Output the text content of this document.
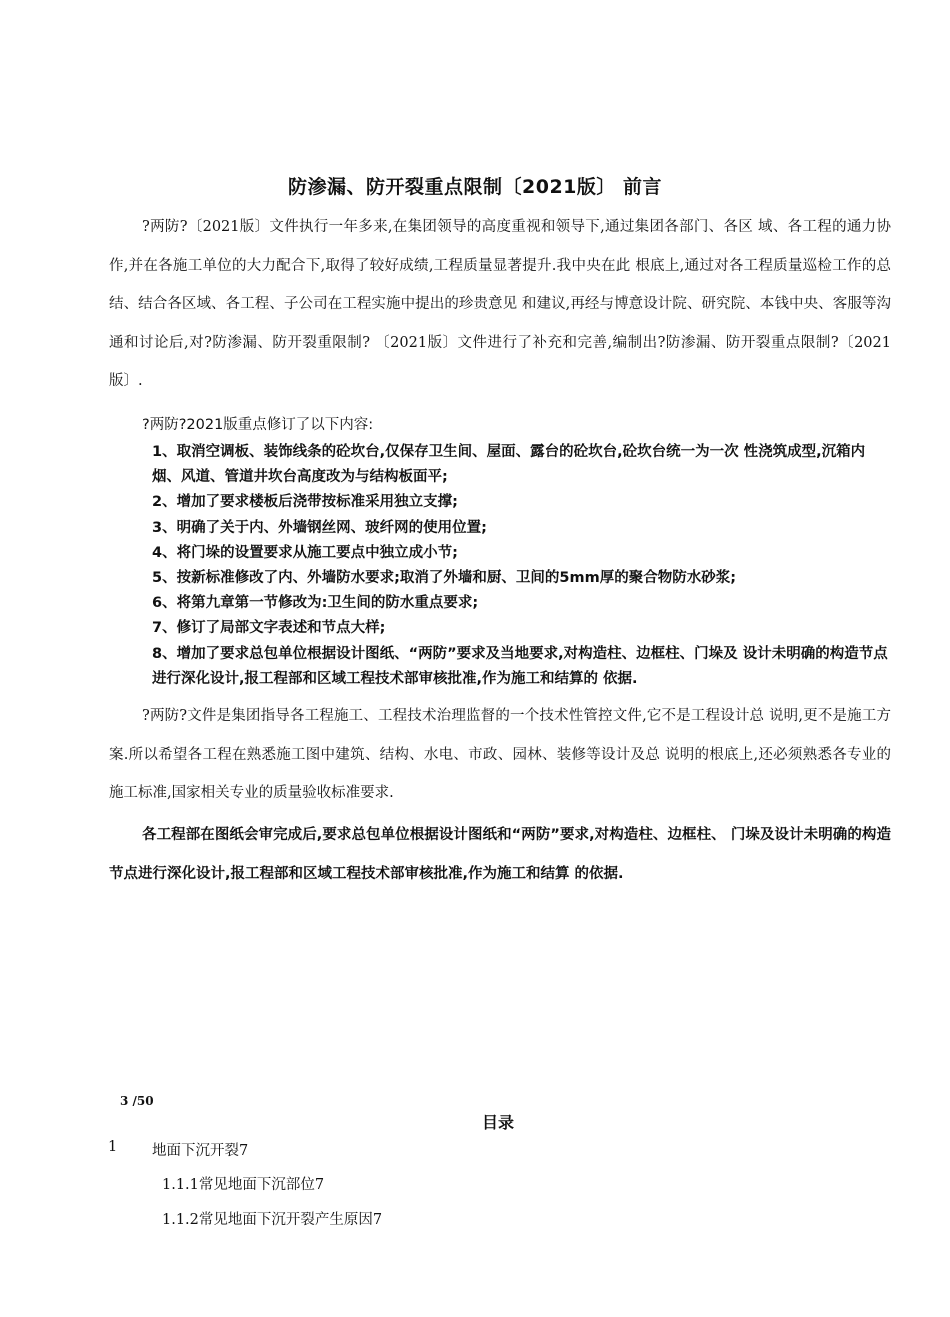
防渗漏、防开裂重点限制〔2021版〕 前言
?两防?〔2021版〕文件执行一年多来,在集团领导的高度重视和领导下,通过集团各部门、各区 域、各工程的通力协作,并在各施工单位的大力配合下,取得了较好成绩,工程质量显著提升.我中央在此 根底上,通过对各工程质量巡检工作的总结、结合各区域、各工程、子公司在工程实施中提出的珍贵意见 和建议,再经与博意设计院、研究院、本钱中央、客服等沟通和讨论后,对?防渗漏、防开裂重限制? 〔2021版〕文件进行了补充和完善,编制出?防渗漏、防开裂重点限制?〔2021版〕.
?两防?2021版重点修订了以下内容:
1、取消空调板、装饰线条的砼坎台,仅保存卫生间、屋面、露台的砼坎台,砼坎台统一为一次 性浇筑成型,沉箱内烟、风道、管道井坎台高度改为与结构板面平;
2、增加了要求楼板后浇带按标准采用独立支撑;
3、明确了关于内、外墙钢丝网、玻纤网的使用位置;
4、将门垛的设置要求从施工要点中独立成小节;
5、按新标准修改了内、外墙防水要求;取消了外墙和厨、卫间的5mm厚的聚合物防水砂浆;
6、将第九章第一节修改为:卫生间的防水重点要求;
7、修订了局部文字表述和节点大样;
8、增加了要求总包单位根据设计图纸、“两防”要求及当地要求,对构造柱、边框柱、门垛及 设计未明确的构造节点进行深化设计,报工程部和区域工程技术部审核批准,作为施工和结算的 依据.
?两防?文件是集团指导各工程施工、工程技术治理监督的一个技术性管控文件,它不是工程设计总 说明,更不是施工方案.所以希望各工程在熟悉施工图中建筑、结构、水电、市政、园林、装修等设计及总 说明的根底上,还必须熟悉各专业的施工标准,国家相关专业的质量验收标准要求.
各工程部在图纸会审完成后,要求总包单位根据设计图纸和“两防”要求,对构造柱、边框柱、 门垛及设计未明确的构造节点进行深化设计,报工程部和区域工程技术部审核批准,作为施工和结算 的依据.
3 /50
目录
1 地面下沉开裂7
1.1.1常见地面下沉部位7
1.1.2常见地面下沉开裂产生原因7
